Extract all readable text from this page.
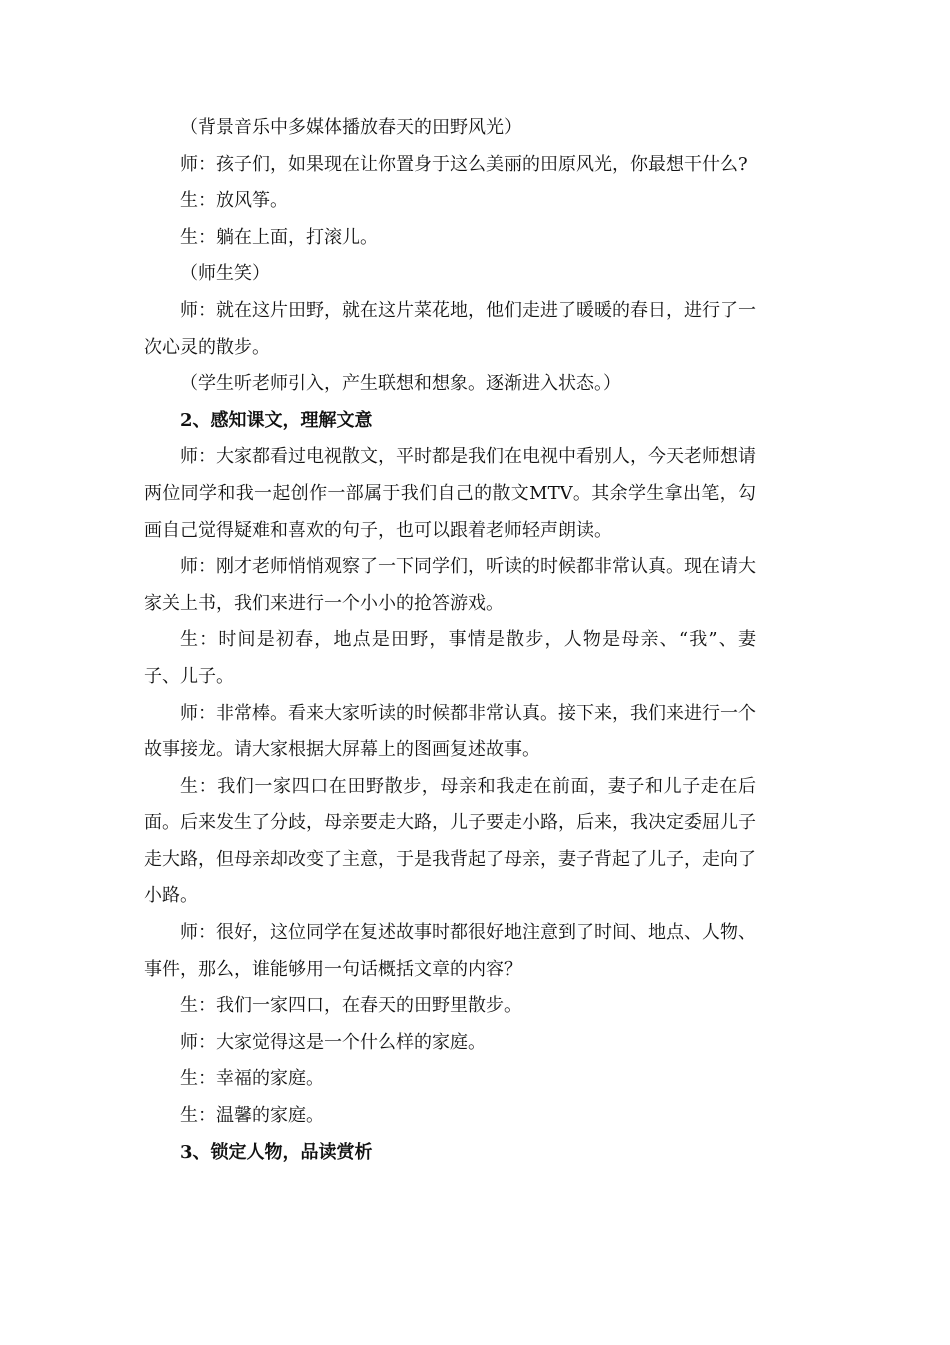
（背景音乐中多媒体播放春天的田野风光）

师：孩子们，如果现在让你置身于这么美丽的田原风光，你最想干什么?

生：放风筝。

生：躺在上面，打滚儿。

（师生笑）

师：就在这片田野，就在这片菜花地，他们走进了暖暖的春日，进行了一次心灵的散步。

（学生听老师引入，产生联想和想象。逐渐进入状态。）

2、感知课文，理解文意

师：大家都看过电视散文，平时都是我们在电视中看别人，今天老师想请两位同学和我一起创作一部属于我们自己的散文MTV。其余学生拿出笔，勾画自己觉得疑难和喜欢的句子，也可以跟着老师轻声朗读。

师：刚才老师悄悄观察了一下同学们，听读的时候都非常认真。现在请大家关上书，我们来进行一个小小的抢答游戏。

生：时间是初春，地点是田野，事情是散步，人物是母亲、“我”、妻子、儿子。

师：非常棒。看来大家听读的时候都非常认真。接下来，我们来进行一个故事接龙。请大家根据大屏幕上的图画复述故事。

生：我们一家四口在田野散步，母亲和我走在前面，妻子和儿子走在后面。后来发生了分歧，母亲要走大路，儿子要走小路，后来，我决定委屈儿子走大路，但母亲却改变了主意，于是我背起了母亲，妻子背起了儿子，走向了小路。

师：很好，这位同学在复述故事时都很好地注意到了时间、地点、人物、事件，那么，谁能够用一句话概括文章的内容？

生：我们一家四口，在春天的田野里散步。

师：大家觉得这是一个什么样的家庭。

生：幸福的家庭。

生：温馨的家庭。

3、锁定人物，品读赏析
